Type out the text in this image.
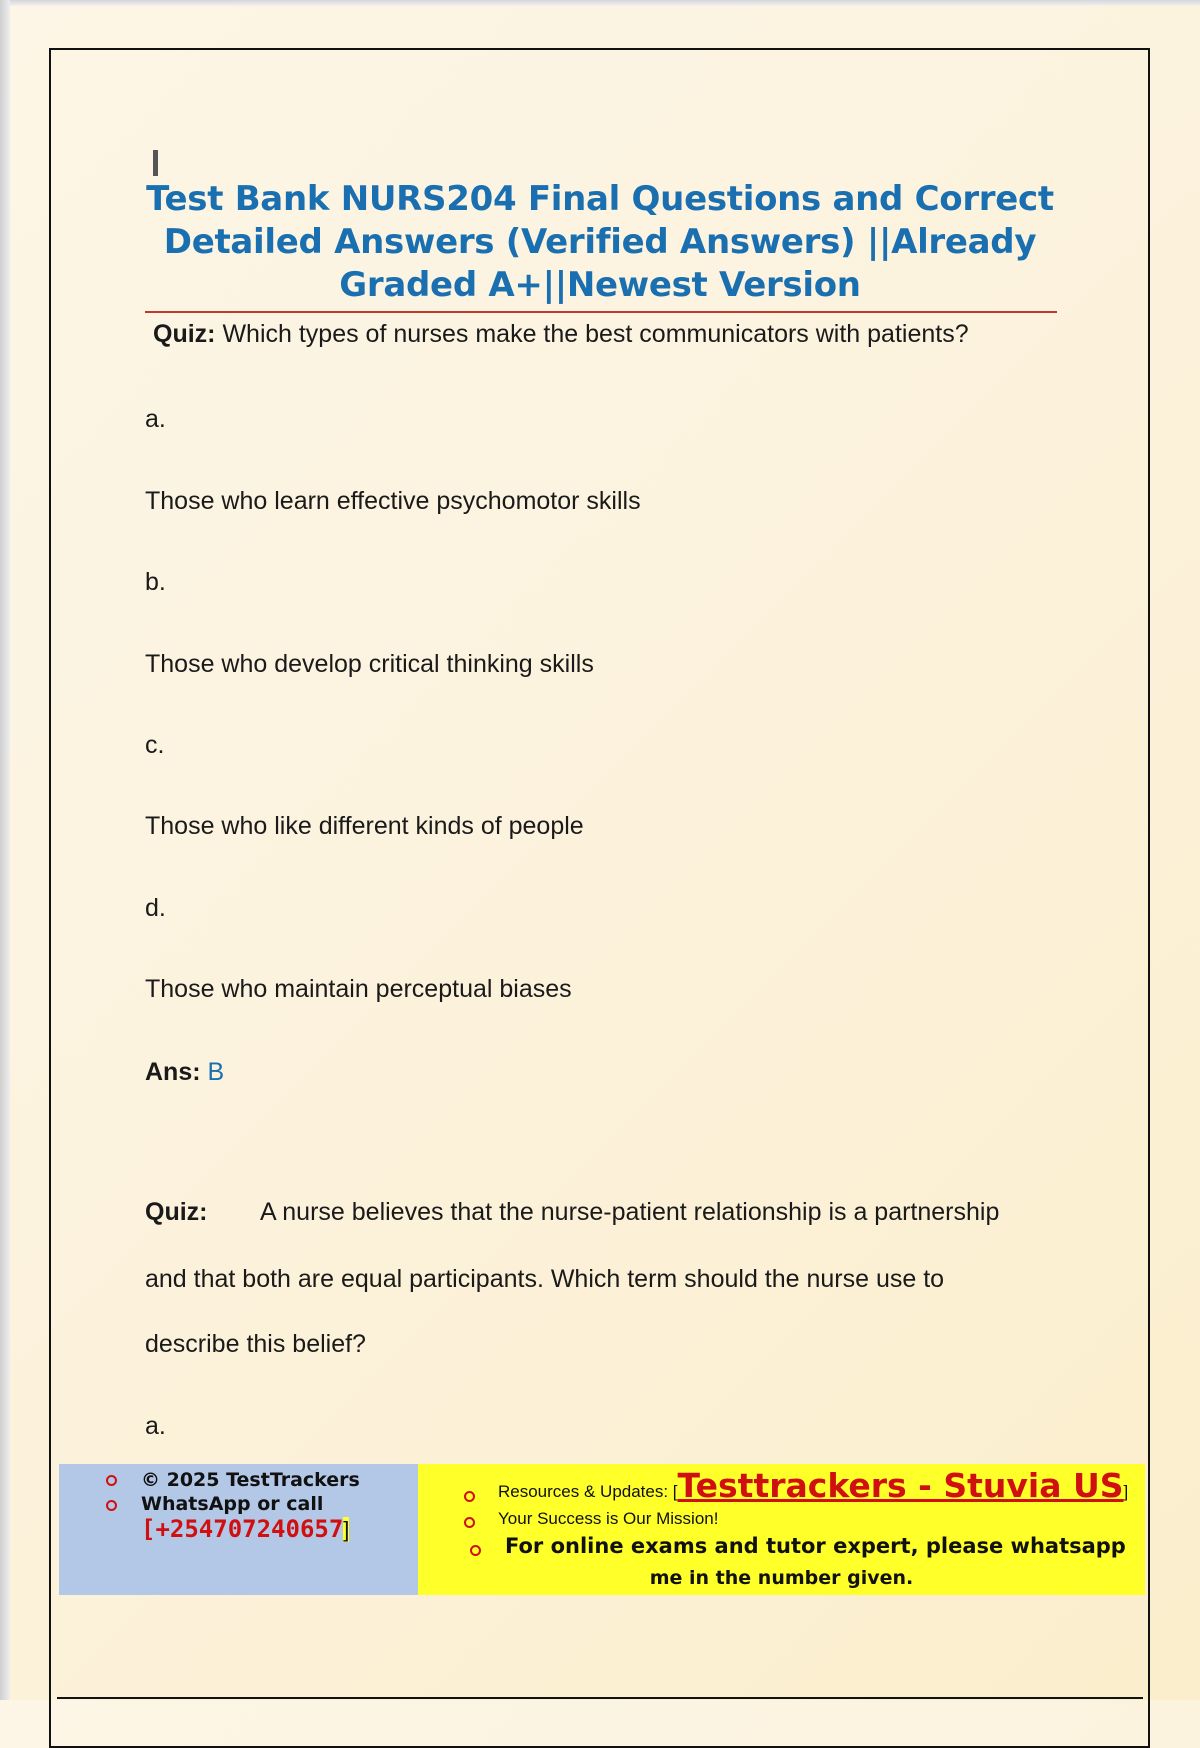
Test Bank NURS204 Final Questions and Correct
Detailed Answers (Verified Answers) ||Already
Graded A+||Newest Version
Quiz: Which types of nurses make the best communicators with patients?
a.
Those who learn effective psychomotor skills
b.
Those who develop critical thinking skills
c.
Those who like different kinds of people
d.
Those who maintain perceptual biases
Ans: B
Quiz: A nurse believes that the nurse-patient relationship is a partnership
and that both are equal participants. Which term should the nurse use to
describe this belief?
a.
© 2025 TestTrackers
WhatsApp or call
[+254707240657]
Resources & Updates: [Testtrackers - Stuvia US]
Your Success is Our Mission!
For online exams and tutor expert, please whatsapp
me in the number given.
